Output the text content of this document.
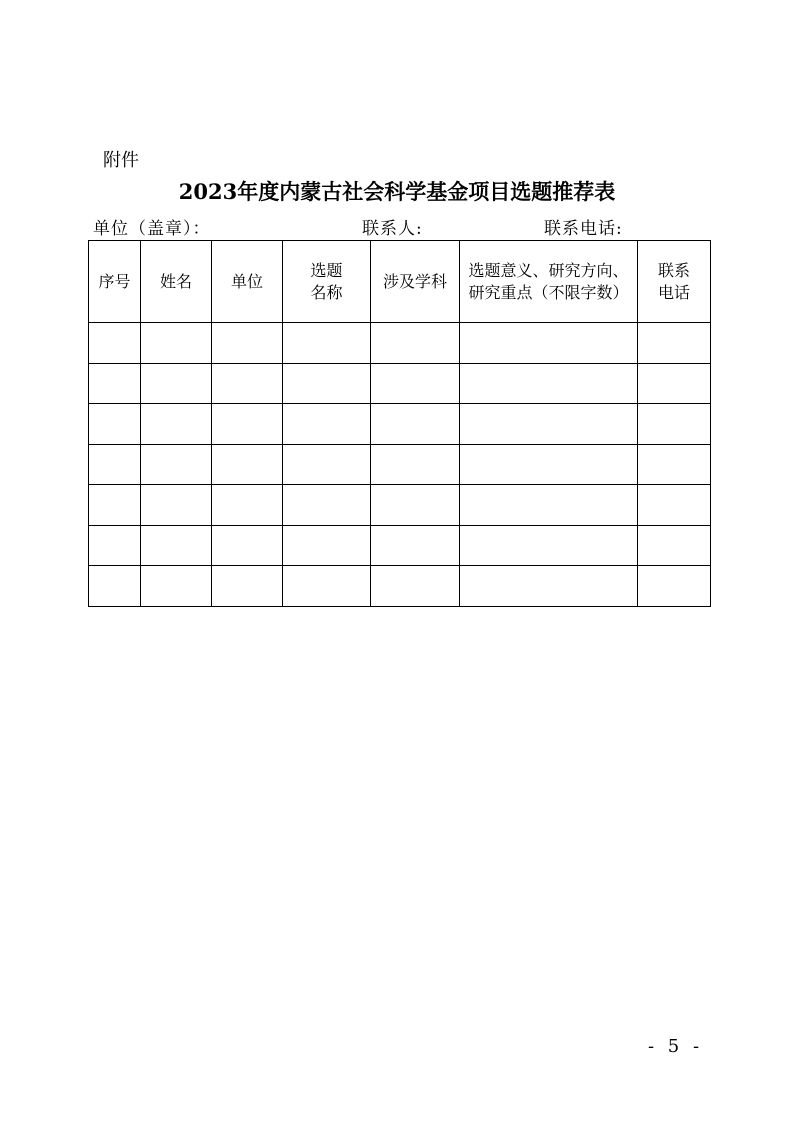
附件
2023年度内蒙古社会科学基金项目选题推荐表
单位（盖章）：	联系人:	联系电话:
序号	姓名	单位	选题名称	涉及学科	选题意义、研究方向、研究重点（不限字数）	联系电话

- 5 -
